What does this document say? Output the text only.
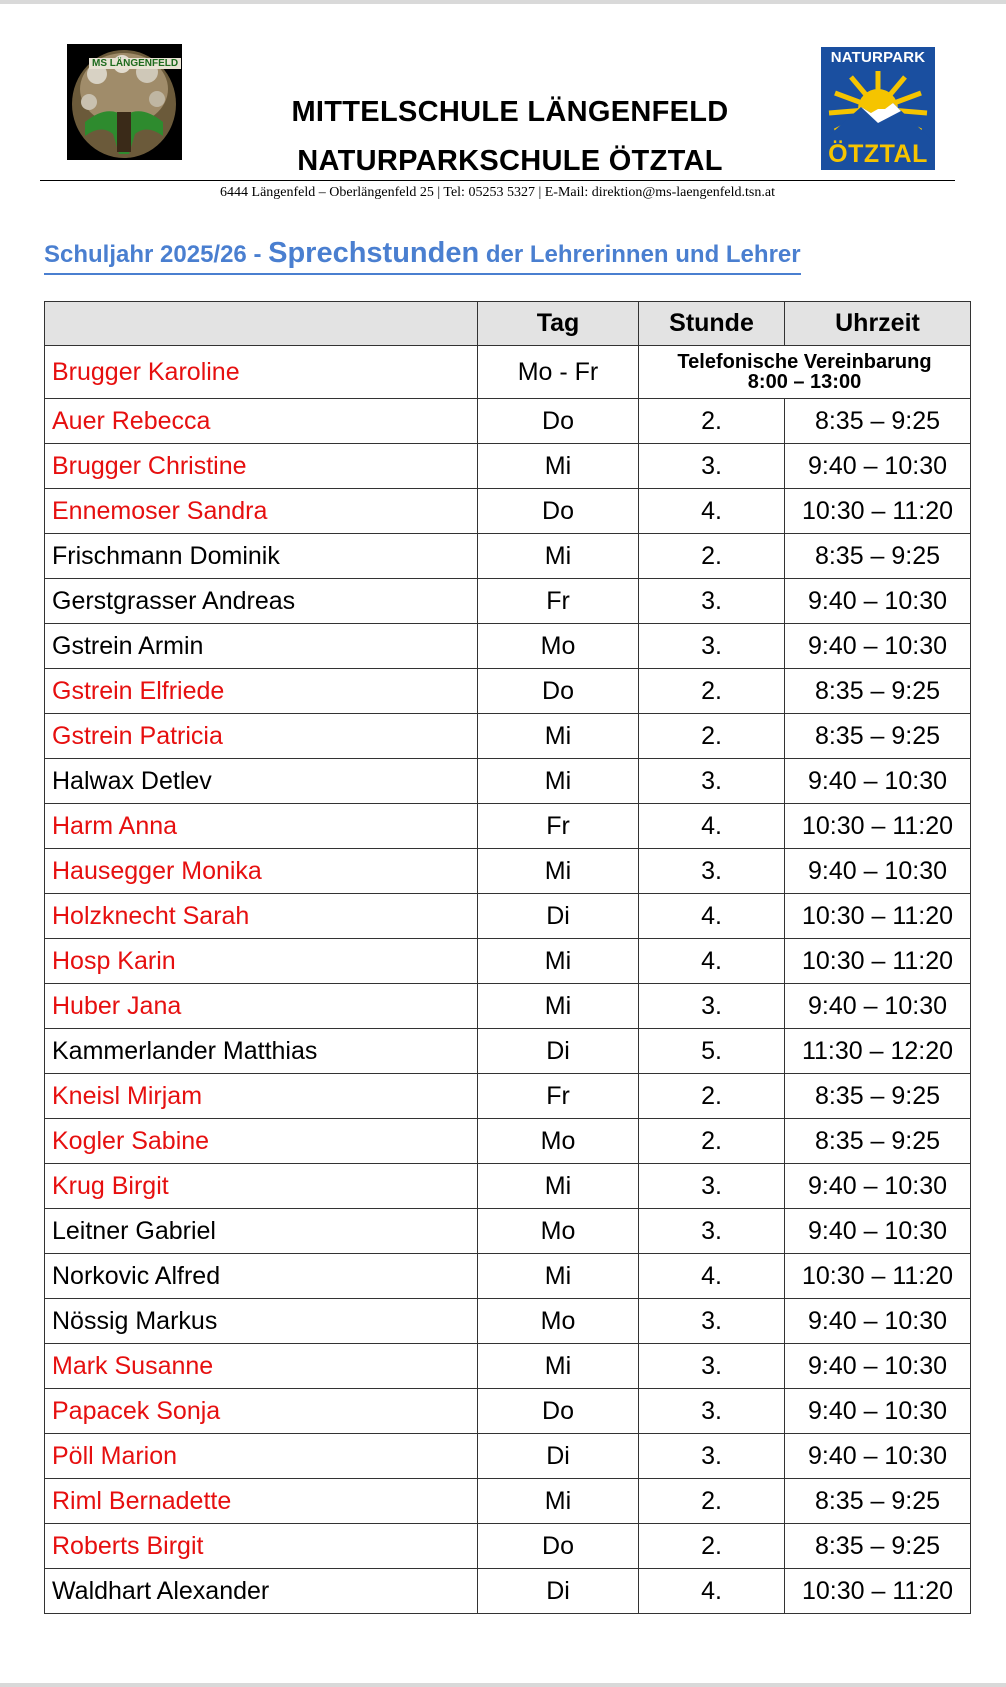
MS LÄNGENFELD
MITTELSCHULE LÄNGENFELD
NATURPARKSCHULE ÖTZTAL
NATURPARK
ÖTZTAL
6444 Längenfeld – Oberlängenfeld 25 | Tel: 05253 5327 | E-Mail: direktion@ms-laengenfeld.tsn.at
Schuljahr 2025/26 - Sprechstunden der Lehrerinnen und Lehrer
	Tag	Stunde	Uhrzeit
Brugger Karoline	Mo - Fr	Telefonische Vereinbarung
8:00 – 13:00	

Auer Rebecca	Do	2.	8:35 – 9:25
Brugger Christine	Mi	3.	9:40 – 10:30
Ennemoser Sandra	Do	4.	10:30 – 11:20
Frischmann Dominik	Mi	2.	8:35 – 9:25
Gerstgrasser Andreas	Fr	3.	9:40 – 10:30
Gstrein Armin	Mo	3.	9:40 – 10:30
Gstrein Elfriede	Do	2.	8:35 – 9:25
Gstrein Patricia	Mi	2.	8:35 – 9:25
Halwax Detlev	Mi	3.	9:40 – 10:30
Harm Anna	Fr	4.	10:30 – 11:20
Hausegger Monika	Mi	3.	9:40 – 10:30
Holzknecht Sarah	Di	4.	10:30 – 11:20
Hosp Karin	Mi	4.	10:30 – 11:20
Huber Jana	Mi	3.	9:40 – 10:30
Kammerlander Matthias	Di	5.	11:30 – 12:20
Kneisl Mirjam	Fr	2.	8:35 – 9:25
Kogler Sabine	Mo	2.	8:35 – 9:25
Krug Birgit	Mi	3.	9:40 – 10:30
Leitner Gabriel	Mo	3.	9:40 – 10:30
Norkovic Alfred	Mi	4.	10:30 – 11:20
Nössig Markus	Mo	3.	9:40 – 10:30
Mark Susanne	Mi	3.	9:40 – 10:30
Papacek Sonja	Do	3.	9:40 – 10:30
Pöll Marion	Di	3.	9:40 – 10:30
Riml Bernadette	Mi	2.	8:35 – 9:25
Roberts Birgit	Do	2.	8:35 – 9:25
Waldhart Alexander	Di	4.	10:30 – 11:20
